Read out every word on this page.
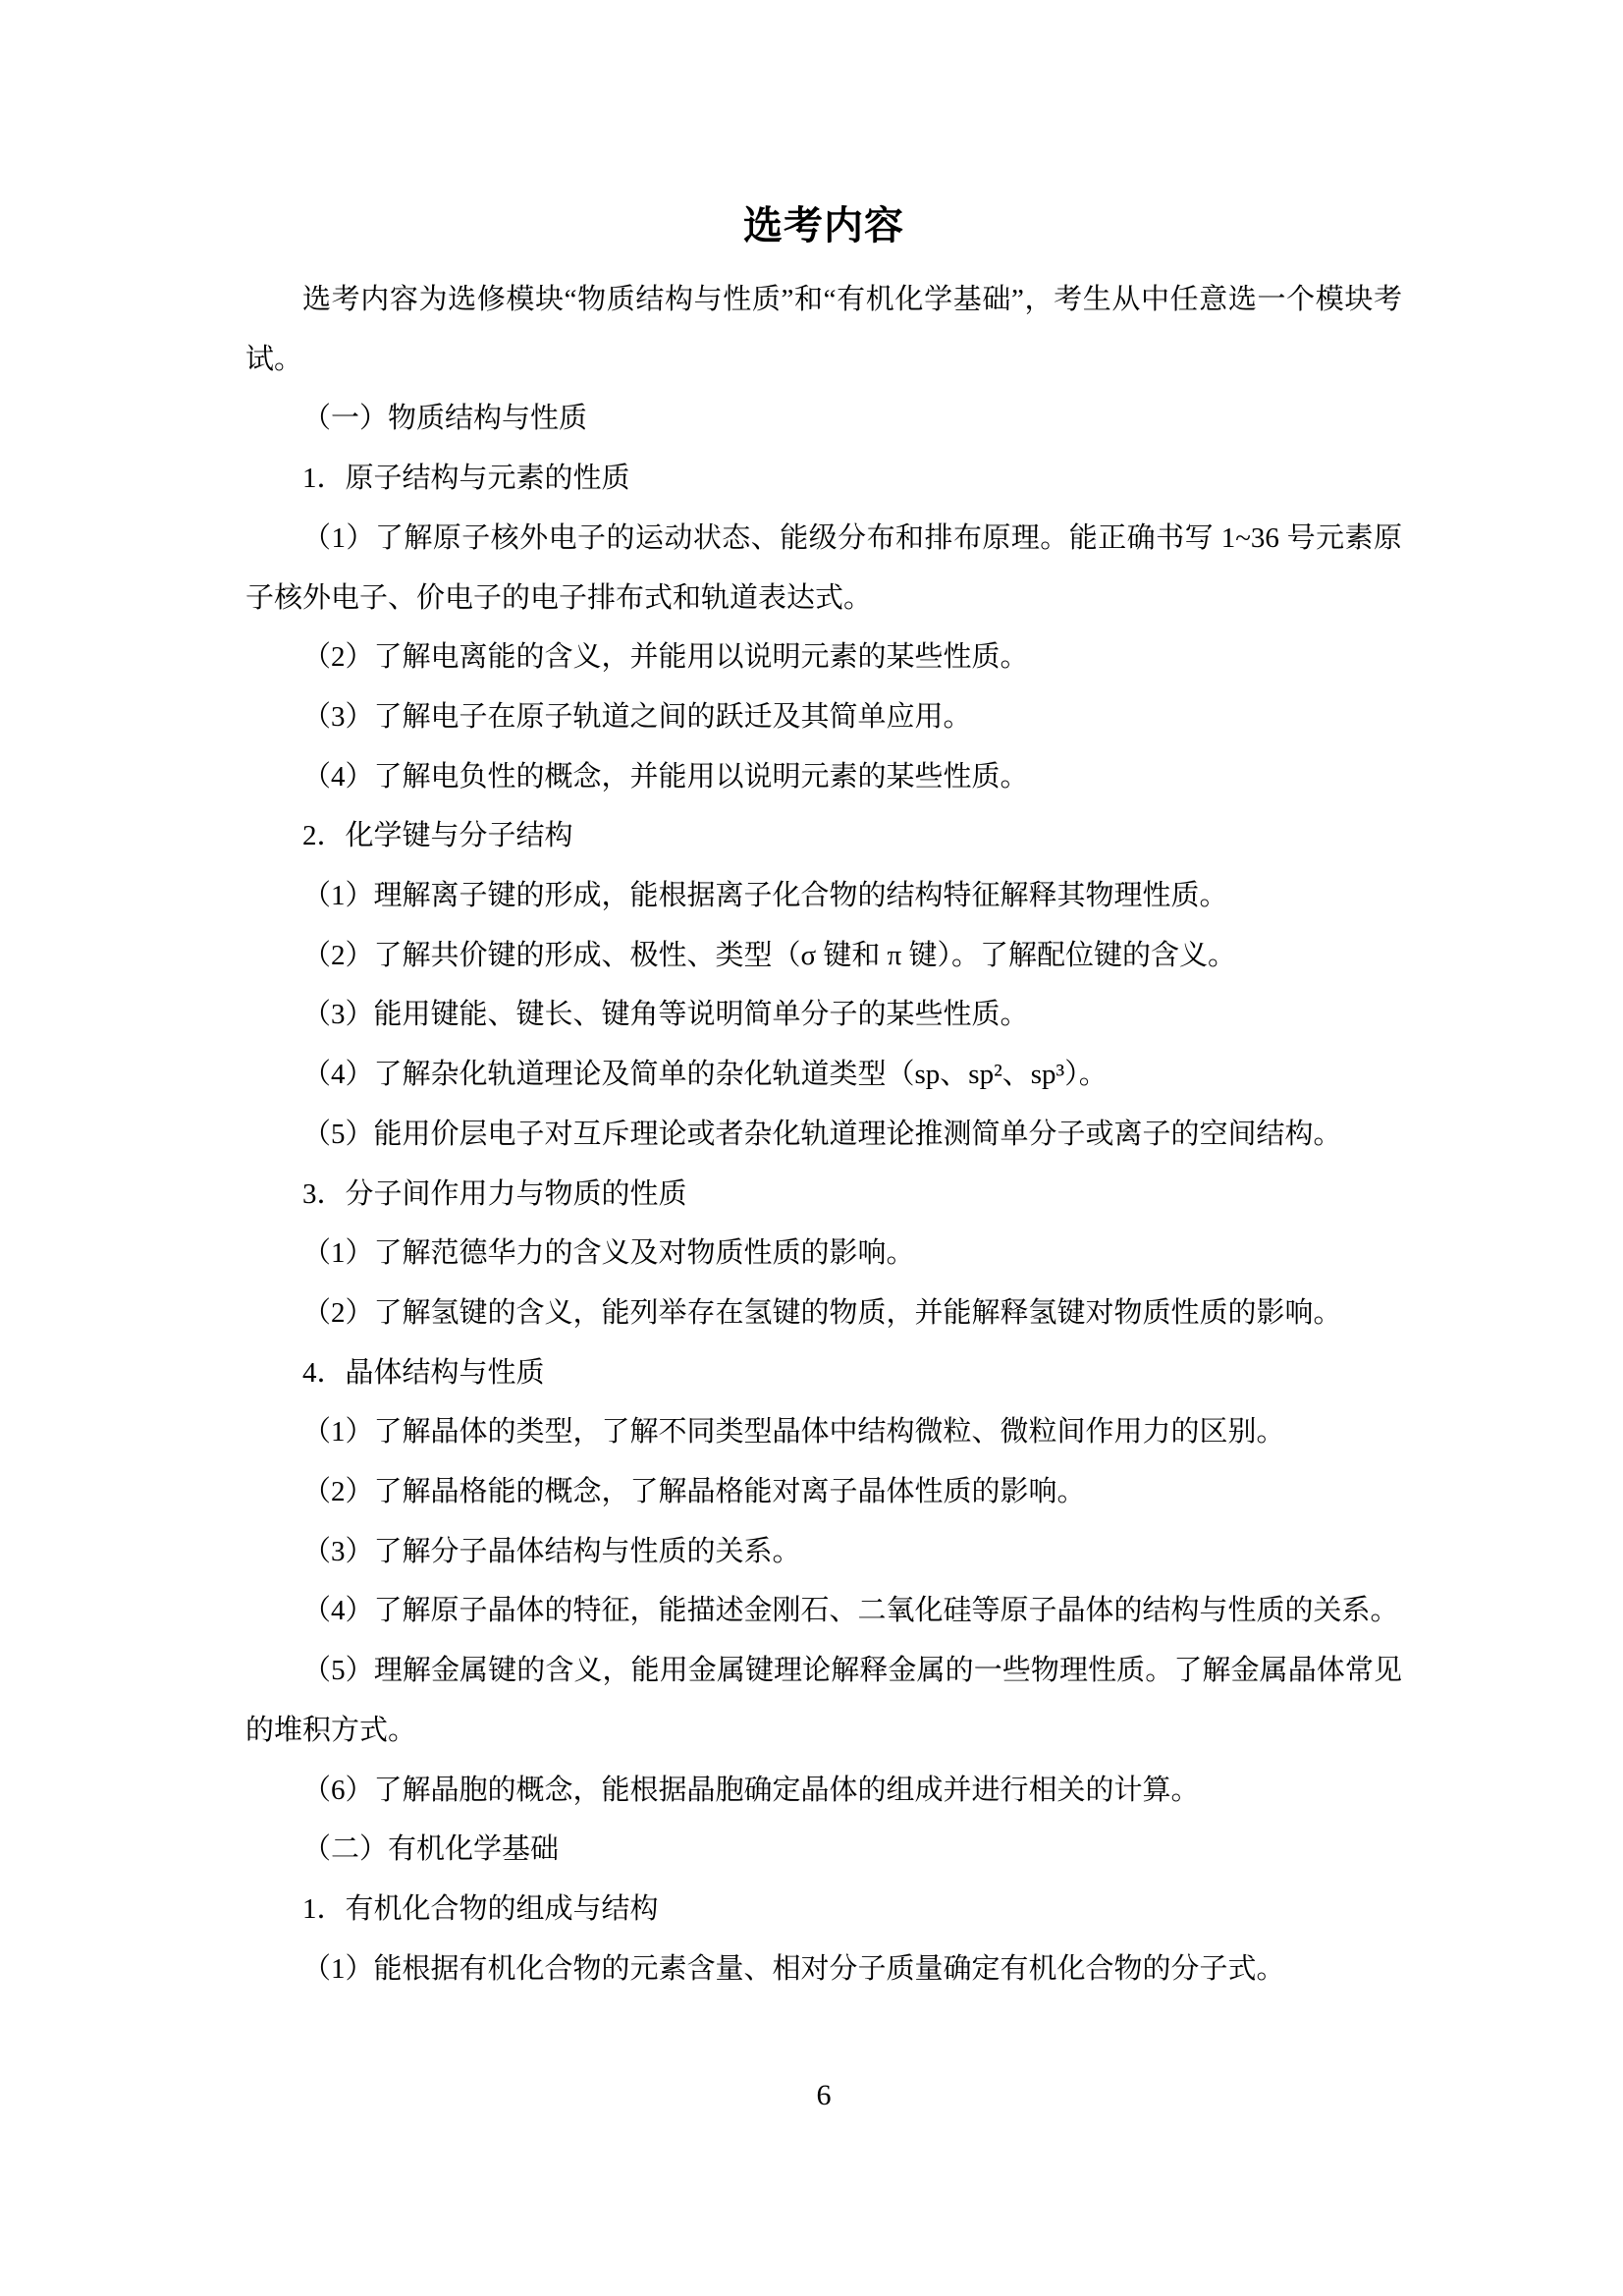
选考内容

选考内容为选修模块“物质结构与性质”和“有机化学基础”，考生从中任意选一个模块考试。

（一）物质结构与性质

1．原子结构与元素的性质

（1）了解原子核外电子的运动状态、能级分布和排布原理。能正确书写 1~36 号元素原子核外电子、价电子的电子排布式和轨道表达式。

（2）了解电离能的含义，并能用以说明元素的某些性质。

（3）了解电子在原子轨道之间的跃迁及其简单应用。

（4）了解电负性的概念，并能用以说明元素的某些性质。

2．化学键与分子结构

（1）理解离子键的形成，能根据离子化合物的结构特征解释其物理性质。

（2）了解共价键的形成、极性、类型（σ 键和 π 键）。了解配位键的含义。

（3）能用键能、键长、键角等说明简单分子的某些性质。

（4）了解杂化轨道理论及简单的杂化轨道类型（sp、sp²、sp³）。

（5）能用价层电子对互斥理论或者杂化轨道理论推测简单分子或离子的空间结构。

3．分子间作用力与物质的性质

（1）了解范德华力的含义及对物质性质的影响。

（2）了解氢键的含义，能列举存在氢键的物质，并能解释氢键对物质性质的影响。

4．晶体结构与性质

（1）了解晶体的类型，了解不同类型晶体中结构微粒、微粒间作用力的区别。

（2）了解晶格能的概念，了解晶格能对离子晶体性质的影响。

（3）了解分子晶体结构与性质的关系。

（4）了解原子晶体的特征，能描述金刚石、二氧化硅等原子晶体的结构与性质的关系。

（5）理解金属键的含义，能用金属键理论解释金属的一些物理性质。了解金属晶体常见的堆积方式。

（6）了解晶胞的概念，能根据晶胞确定晶体的组成并进行相关的计算。

（二）有机化学基础

1．有机化合物的组成与结构

（1）能根据有机化合物的元素含量、相对分子质量确定有机化合物的分子式。

6
